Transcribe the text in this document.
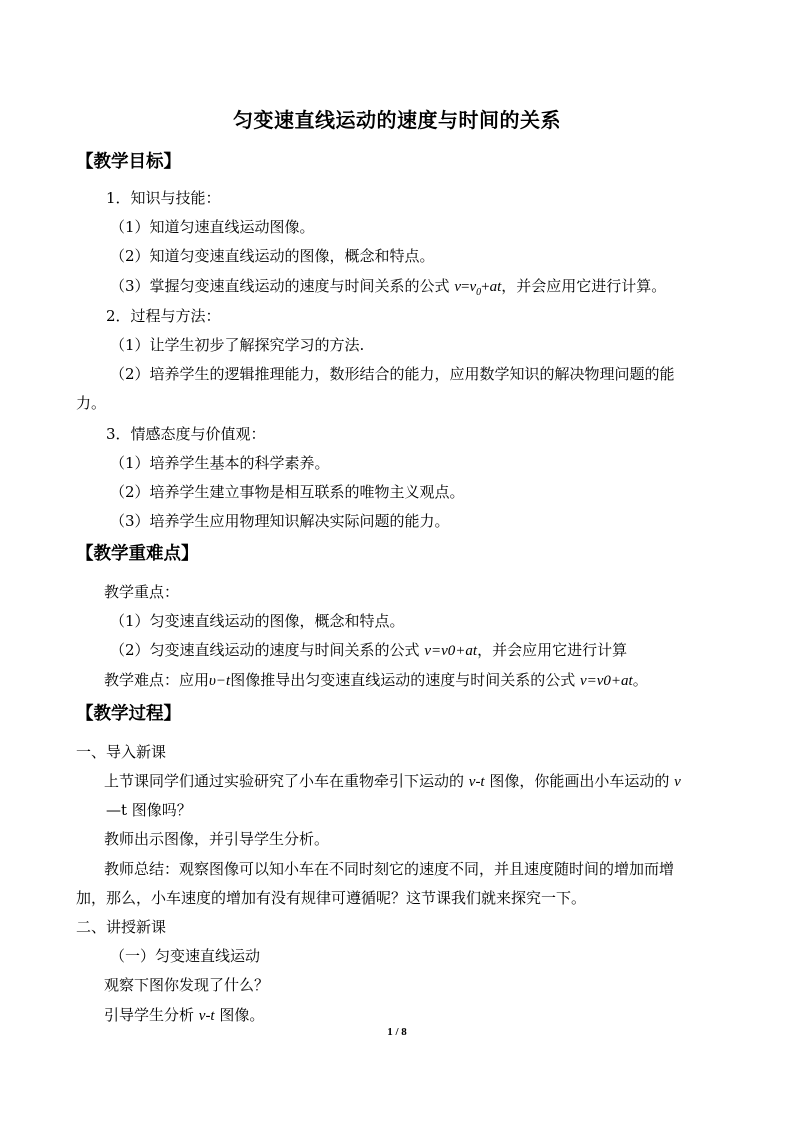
匀变速直线运动的速度与时间的关系
【教学目标】
1．知识与技能：
（1）知道匀速直线运动图像。
（2）知道匀变速直线运动的图像，概念和特点。
（3）掌握匀变速直线运动的速度与时间关系的公式 $v=v_0+at$，并会应用它进行计算。
2．过程与方法：
（1）让学生初步了解探究学习的方法.
（2）培养学生的逻辑推理能力，数形结合的能力，应用数学知识的解决物理问题的能
力。
3．情感态度与价值观：
（1）培养学生基本的科学素养。
（2）培养学生建立事物是相互联系的唯物主义观点。
（3）培养学生应用物理知识解决实际问题的能力。
【教学重难点】
教学重点：
（1）匀变速直线运动的图像，概念和特点。
（2）匀变速直线运动的速度与时间关系的公式 v=v0+at，并会应用它进行计算
教学难点：应用υ−t图像推导出匀变速直线运动的速度与时间关系的公式 v=v0+at。
【教学过程】
一、导入新课
上节课同学们通过实验研究了小车在重物牵引下运动的 v-t 图像，你能画出小车运动的 v
—t 图像吗？
教师出示图像，并引导学生分析。
教师总结：观察图像可以知小车在不同时刻它的速度不同，并且速度随时间的增加而增
加，那么，小车速度的增加有没有规律可遵循呢？这节课我们就来探究一下。
二、讲授新课
（一）匀变速直线运动
观察下图你发现了什么？
引导学生分析 v-t 图像。
1 / 8
